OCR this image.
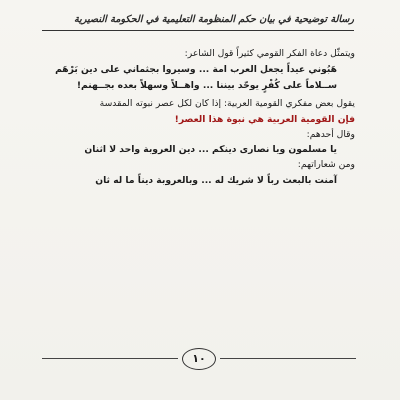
رسالة توضيحية في بيان حكم المنظومة التعليمية في الحكومة النصيرية
ويتمثّل دعاة الفكر القومي كثيراً قول الشاعر:
هَبُوني عيداً يجعل العرب امة ... وسيروا بجثماني على دين بَرْهَم
ســلاماً على كُفْرٍ يوحّد بيننا ... واهــلاً وسهلاً بعده بجــهنم!
يقول بعض مفكري القومية العربية: إذا كان لكل عصر نبوته المقدسة
فإن القومية العربية هي نبوة هذا العصر!
وقال أحدهم:
يا مسلمون ويا نصارى دينكم ... دين العروبة واحد لا اثنان
ومن شعاراتهم:
آمنت بالبعث رباً لا شريك له ... وبالعروبة ديناً ما له ثان
١٠
